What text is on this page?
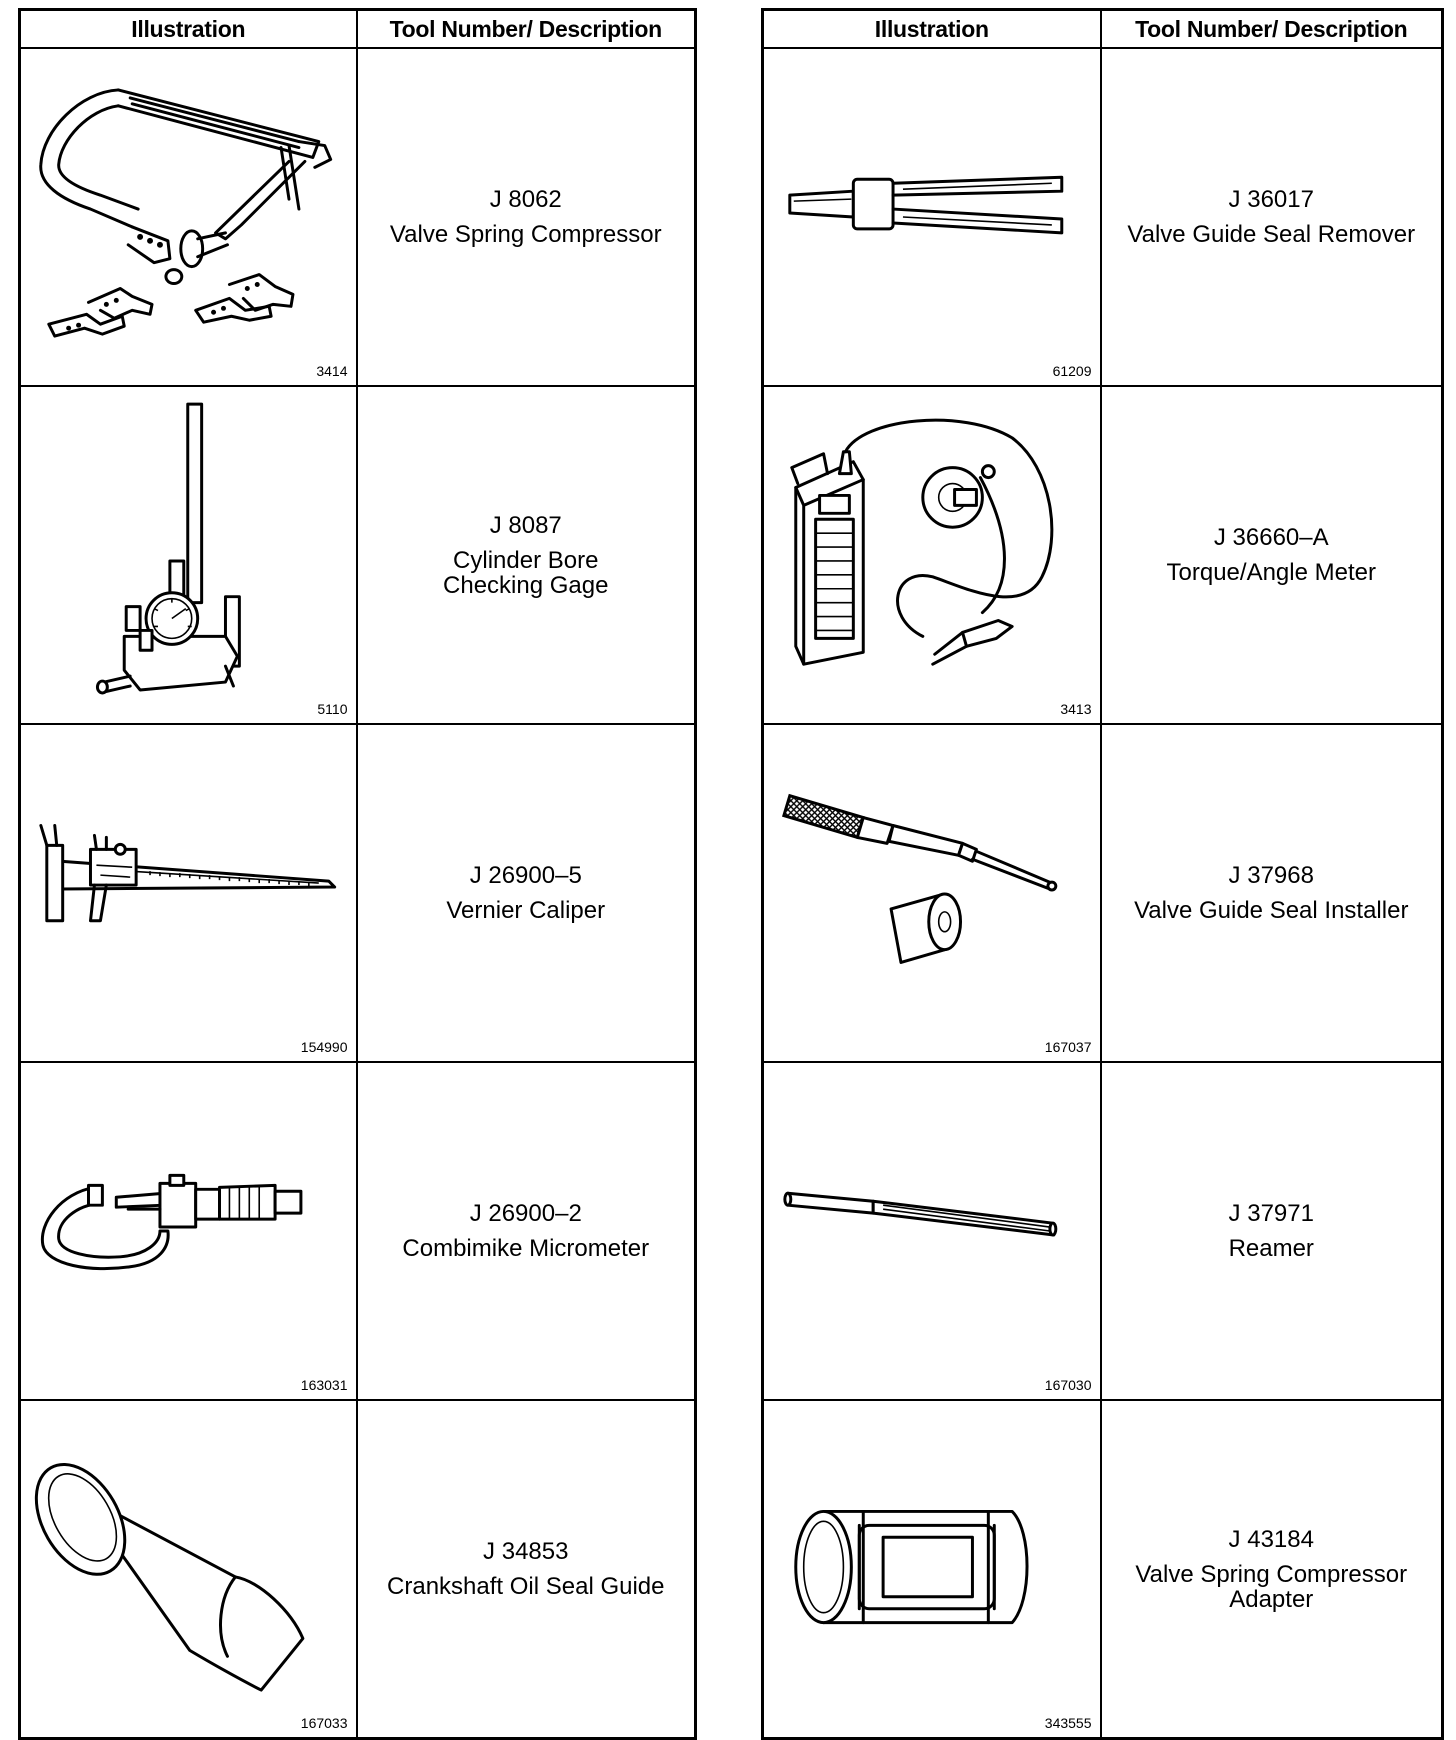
Illustration	Tool Number/ Description

3414	J 8062
Valve Spring Compressor

5110	J 8087
Cylinder Bore
Checking Gage

154990	J 26900–5
Vernier Caliper

163031	J 26900–2
Combimike Micrometer

167033	J 34853
Crankshaft Oil Seal Guide
Illustration	Tool Number/ Description

61209	J 36017
Valve Guide Seal Remover

3413	J 36660–A
Torque/Angle Meter

167037	J 37968
Valve Guide Seal Installer

167030	J 37971
Reamer

343555	J 43184
Valve Spring Compressor
Adapter
